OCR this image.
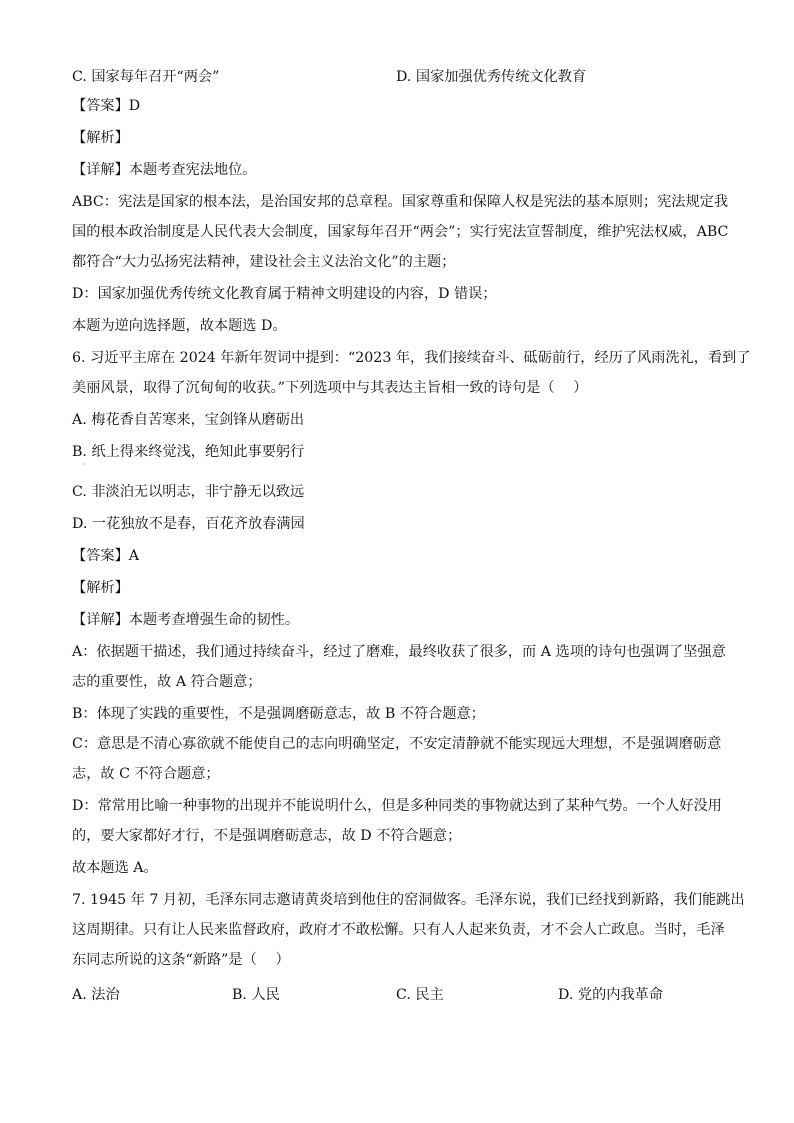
C. 国家每年召开“两会”	D. 国家加强优秀传统文化教育
【答案】D
【解析】
【详解】本题考查宪法地位。
ABC：宪法是国家的根本法，是治国安邦的总章程。国家尊重和保障人权是宪法的基本原则；宪法规定我
国的根本政治制度是人民代表大会制度，国家每年召开“两会”；实行宪法宣誓制度，维护宪法权威，ABC
都符合“大力弘扬宪法精神，建设社会主义法治文化”的主题；
D：国家加强优秀传统文化教育属于精神文明建设的内容，D 错误；
本题为逆向选择题，故本题选 D。
6. 习近平主席在 2024 年新年贺词中提到：“2023 年，我们接续奋斗、砥砺前行，经历了风雨洗礼，看到了
美丽风景，取得了沉甸甸的收获。”下列选项中与其表达主旨相一致的诗句是（　 ）
A. 梅花香自苦寒来，宝剑锋从磨砺出
B. 纸上得来终觉浅，绝知此事要躬行
·
C. 非淡泊无以明志，非宁静无以致远
D. 一花独放不是春，百花齐放春满园
【答案】A
【解析】
【详解】本题考查增强生命的韧性。
A：依据题干描述，我们通过持续奋斗，经过了磨难，最终收获了很多，而 A 选项的诗句也强调了坚强意
志的重要性，故 A 符合题意；
B：体现了实践的重要性，不是强调磨砺意志，故 B 不符合题意；
C：意思是不清心寡欲就不能使自己的志向明确坚定，不安定清静就不能实现远大理想，不是强调磨砺意
志，故 C 不符合题意；
D：常常用比喻一种事物的出现并不能说明什么，但是多种同类的事物就达到了某种气势。一个人好没用
的，要大家都好才行，不是强调磨砺意志，故 D 不符合题意；
故本题选 A。
7. 1945 年 7 月初，毛泽东同志邀请黄炎培到他住的窑洞做客。毛泽东说，我们已经找到新路，我们能跳出
这周期律。只有让人民来监督政府，政府才不敢松懈。只有人人起来负责，才不会人亡政息。当时，毛泽
东同志所说的这条“新路”是（　 ）
A. 法治	B. 人民	C. 民主	D. 党的内我革命
